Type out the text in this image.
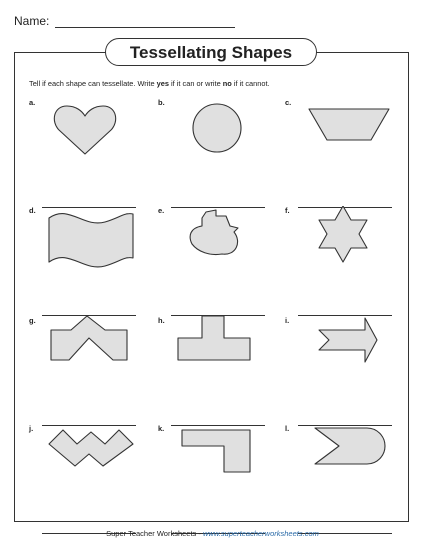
Name:
Tessellating Shapes
Tell if each shape can tessellate. Write yes if it can or write no if it cannot.
a.	b.	c.
d.	e.	f.
g.	h.	i.
j.	k.	l.
Super Teacher Worksheets - www.superteacherworksheets.com
